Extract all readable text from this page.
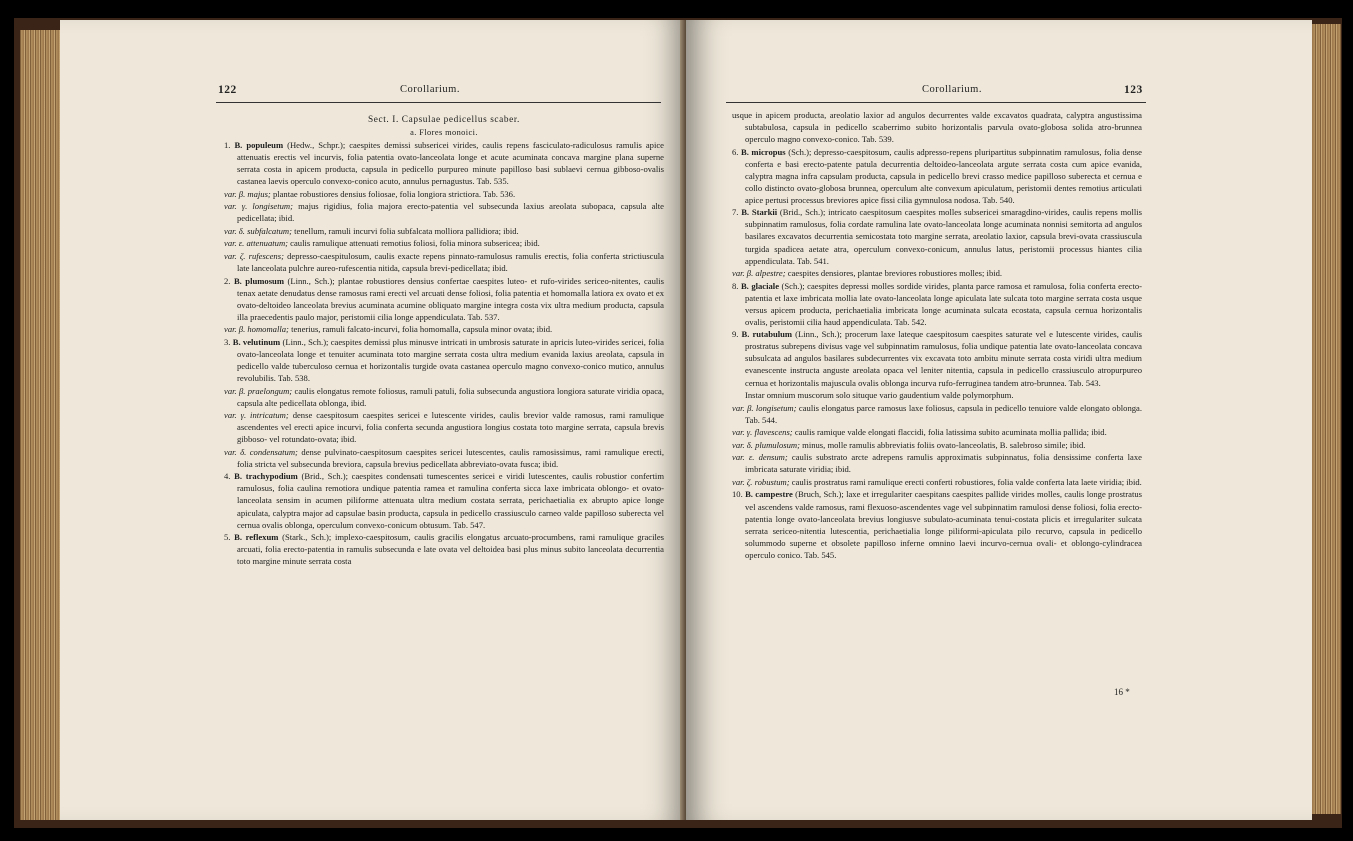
122	Corollarium.

Sect. I. Capsulae pedicellus scaber.

a. Flores monoici.

1. B. populeum (Hedw., Schpr.); caespites demissi subsericei virides, caulis repens fasciculato-radiculosus ramulis apice attenuatis erectis vel incurvis, folia patentia ovato-lanceolata longe et acute acuminata concava margine plana superne serrata costa in apicem producta, capsula in pedicello purpureo minute papilloso basi sublaevi cernua gibboso-ovalis castanea laevis operculo convexo-conico acuto, annulus pernagustus. Tab. 535.

var. β. majus; plantae robustiores densius foliosae, folia longiora strictiora. Tab. 536.

var. γ. longisetum; majus rigidius, folia majora erecto-patentia vel subsecunda laxius areolata subopaca, capsula alte pedicellata; ibid.

var. δ. subfalcatum; tenellum, ramuli incurvi folia subfalcata molliora pallidiora; ibid.

var. ε. attenuatum; caulis ramulique attenuati remotius foliosi, folia minora subsericea; ibid.

var. ζ. rufescens; depresso-caespitulosum, caulis exacte repens pinnato-ramulosus ramulis erectis, folia conferta strictiuscula late lanceolata pulchre aureo-rufescentia nitida, capsula brevi-pedicellata; ibid.

2. B. plumosum (Linn., Sch.); plantae robustiores densius confertae caespites luteo- et rufo-virides sericeo-nitentes, caulis tenax aetate denudatus dense ramosus rami erecti vel arcuati dense foliosi, folia patentia et homomalla latiora ex ovato et ex ovato-deltoideo lanceolata brevius acuminata acumine obliquato margine integra costa vix ultra medium producta, capsula illa praecedentis paulo major, peristomii cilia longe appendiculata. Tab. 537.

var. β. homomalla; tenerius, ramuli falcato-incurvi, folia homomalla, capsula minor ovata; ibid.

3. B. velutinum (Linn., Sch.); caespites demissi plus minusve intricati in umbrosis saturate in apricis luteo-virides sericei, folia ovato-lanceolata longe et tenuiter acuminata toto margine serrata costa ultra medium evanida laxius areolata, capsula in pedicello valde tuberculoso cernua et horizontalis turgide ovata castanea operculo magno convexo-conico mutico, annulus revolubilis. Tab. 538.

var. β. praelongum; caulis elongatus remote foliosus, ramuli patuli, folia subsecunda angustiora longiora saturate viridia opaca, capsula alte pedicellata oblonga, ibid.

var. γ. intricatum; dense caespitosum caespites sericei e lutescente virides, caulis brevior valde ramosus, rami ramulique ascendentes vel erecti apice incurvi, folia conferta secunda angustiora longius costata toto margine serrata, capsula brevis gibboso- vel rotundato-ovata; ibid.

var. δ. condensatum; dense pulvinato-caespitosum caespites sericei lutescentes, caulis ramosissimus, rami ramulique erecti, folia stricta vel subsecunda breviora, capsula brevius pedicellata abbreviato-ovata fusca; ibid.

4. B. trachypodium (Brid., Sch.); caespites condensati tumescentes sericei e viridi lutescentes, caulis robustior confertim ramulosus, folia caulina remotiora undique patentia ramea et ramulina conferta sicca laxe imbricata oblongo- et ovato-lanceolata sensim in acumen piliforme attenuata ultra medium costata serrata, perichaetialia ex abrupto apice longe apiculata, calyptra major ad capsulae basin producta, capsula in pedicello crassiusculo carneo valde papilloso suberecta vel cernua ovalis oblonga, operculum convexo-conicum obtusum. Tab. 547.

5. B. reflexum (Stark., Sch.); implexo-caespitosum, caulis gracilis elongatus arcuato-procumbens, rami ramulique graciles arcuati, folia erecto-patentia in ramulis subsecunda e late ovata vel deltoidea basi plus minus subito lanceolata decurrentia toto margine minute serrata costa

Corollarium.	123

usque in apicem producta, areolatio laxior ad angulos decurrentes valde excavatos quadrata, calyptra angustissima subtabulosa, capsula in pedicello scaberrimo subito horizontalis parvula ovato-globosa solida atro-brunnea operculo magno convexo-conico. Tab. 539.

6. B. micropus (Sch.); depresso-caespitosum, caulis adpresso-repens pluripartitus subpinnatim ramulosus, folia dense conferta e basi erecto-patente patula decurrentia deltoideo-lanceolata argute serrata costa cum apice evanida, calyptra magna infra capsulam producta, capsula in pedicello brevi crasso medice papilloso suberecta et cernua e collo distincto ovato-globosa brunnea, operculum alte convexum apiculatum, peristomii dentes remotius articulati apice pertusi processus breviores apice fissi cilia gymnulosa nodosa. Tab. 540.

7. B. Starkii (Brid., Sch.); intricato caespitosum caespites molles subsericei smaragdino-virides, caulis repens mollis subpinnatim ramulosus, folia cordate ramulina late ovato-lanceolata longe acuminata nonnisi semitorta ad angulos basilares excavatos decurrentia semicostata toto margine serrata, areolatio laxior, capsula brevi-ovata crassiuscula turgida spadicea aetate atra, operculum convexo-conicum, annulus latus, peristomii processus hiantes cilia appendiculata. Tab. 541.

var. β. alpestre; caespites densiores, plantae breviores robustiores molles; ibid.

8. B. glaciale (Sch.); caespites depressi molles sordide virides, planta parce ramosa et ramulosa, folia conferta erecto-patentia et laxe imbricata mollia late ovato-lanceolata longe apiculata late sulcata toto margine serrata costa usque versus apicem producta, perichaetialia imbricata longe acuminata sulcata ecostata, capsula cernua horizontalis ovalis, peristomii cilia haud appendiculata. Tab. 542.

9. B. rutabulum (Linn., Sch.); procerum laxe lateque caespitosum caespites saturate vel e lutescente virides, caulis prostratus subrepens divisus vage vel subpinnatim ramulosus, folia undique patentia late ovato-lanceolata concava subsulcata ad angulos basilares subdecurrentes vix excavata toto ambitu minute serrata costa viridi ultra medium evanescente instructa anguste areolata opaca vel leniter nitentia, capsula in pedicello crassiusculo atropurpureo cernua et horizontalis majuscula ovalis oblonga incurva rufo-ferruginea tandem atro-brunnea. Tab. 543.

Instar omnium muscorum solo situque vario gaudentium valde polymorphum.

var. β. longisetum; caulis elongatus parce ramosus laxe foliosus, capsula in pedicello tenuiore valde elongato oblonga. Tab. 544.

var. γ. flavescens; caulis ramique valde elongati flaccidi, folia latissima subito acuminata mollia pallida; ibid.

var. δ. plumulosum; minus, molle ramulis abbreviatis foliis ovato-lanceolatis, B. salebroso simile; ibid.

var. ε. densum; caulis substrato arcte adrepens ramulis approximatis subpinnatus, folia densissime conferta laxe imbricata saturate viridia; ibid.

var. ζ. robustum; caulis prostratus rami ramulique erecti conferti robustiores, folia valde conferta lata laete viridia; ibid.

10. B. campestre (Bruch, Sch.); laxe et irregulariter caespitans caespites pallide virides molles, caulis longe prostratus vel ascendens valde ramosus, rami flexuoso-ascendentes vage vel subpinnatim ramulosi dense foliosi, folia erecto-patentia longe ovato-lanceolata brevius longiusve subulato-acuminata tenui-costata plicis et irregulariter sulcata serrata sericeo-nitentia lutescentia, perichaetialia longe piliformi-apiculata pilo recurvo, capsula in pedicello solummodo superne et obsolete papilloso inferne omnino laevi incurvo-cernua ovali- et oblongo-cylindracea operculo conico. Tab. 545.

16 *
